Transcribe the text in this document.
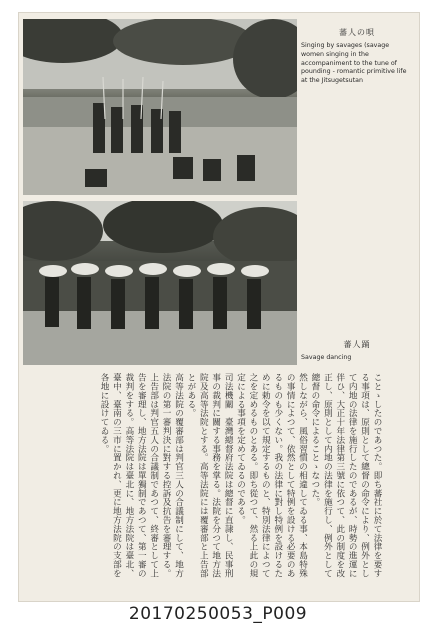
蕃人の唄
Singing by savages (savage women singing in the accompaniment to the tune of pounding - romantic primitive life at the Jitsugetsutan
蕃人踊
Savage dancing

ことゝしたのであつた。即ち蕃社に於て法律を要する事項は、原則として總督の命令により、例外として内地の法律を施行したのであるが、時勢の進運に伴ひ、大正十年法律第三號に依つて、此の制度を改正し、原則として内地の法律を施行し、例外として總督の命令によることゝなつた。

然しながら、風俗習慣の相違してゐる事、本島特殊の事情によつて、依然として特例を設ける必要のあるものも少くない。我の法律に對し特例を設けるために勅令を以て規定するものと、特別法律によつて之を定めるものとある。即ち從つて、然る上此の規定による事項を定めてゐるのである。

司法機關　臺灣總督府法院は總督に直隷し、民事刑事の裁判に關する事務を掌る。法院を分つて地方法院及高等法院とする。高等法院には覆審部と上告部とがある。

高等法院の覆審部は判官三人の合議制にして、地方法院の第一審判決に對する控訴及抗告を審理する。上告部は判官五人の合議制であつて、終審として上告を審理し、地方法院は單獨制であつて、第一審の裁判をする。高等法院は臺北に、地方法院は臺北、臺中、臺南の三市に置かれ、更に地方法院の支部を各地に設けてゐる。

20170250053_P009
